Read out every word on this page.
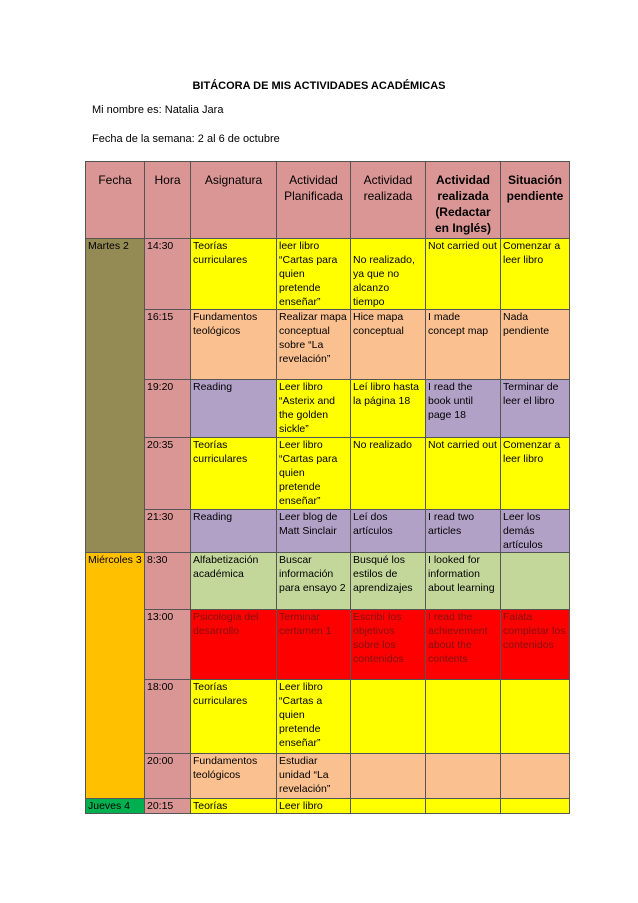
BITÁCORA DE MIS ACTIVIDADES ACADÉMICAS
Mi nombre es: Natalia Jara
Fecha de la semana: 2 al 6 de octubre
Fecha	Hora	Asignatura	Actividad Planificada	Actividad realizada	Actividad realizada (Redactar en Inglés)	Situación pendiente
Martes 2	14:30	Teorías curriculares	leer libro “Cartas para quien pretende enseñar”	No realizado, ya que no alcanzo tiempo	Not carried out	Comenzar a leer libro
	16:15	Fundamentos teológicos	Realizar mapa conceptual sobre “La revelación”	Hice mapa conceptual	I made concept map	Nada pendiente
	19:20	Reading	Leer libro “Asterix and the golden sickle”	Leí libro hasta la página 18	I read the book until page 18	Terminar de leer el libro
	20:35	Teorías curriculares	Leer libro “Cartas para quien pretende enseñar”	No realizado	Not carried out	Comenzar a leer libro
	21:30	Reading	Leer blog de Matt Sinclair	Leí dos artículos	I read two articles	Leer los demás artículos
Miércoles 3	8:30	Alfabetización académica	Buscar información para ensayo 2	Busqué los estilos de aprendizajes	I looked for information about learning	
	13:00	Psicología del desarrollo	Terminar certamen 1	Escribí los objetivos sobre los contenidos	I read the achievement about the contents	Faiata completar los contenidos
	18:00	Teorías curriculares	Leer libro “Cartas a quien pretende enseñar”			
	20:00	Fundamentos teológicos	Estudiar unidad “La revelación”			
Jueves 4	20:15	Teorías	Leer libro			
